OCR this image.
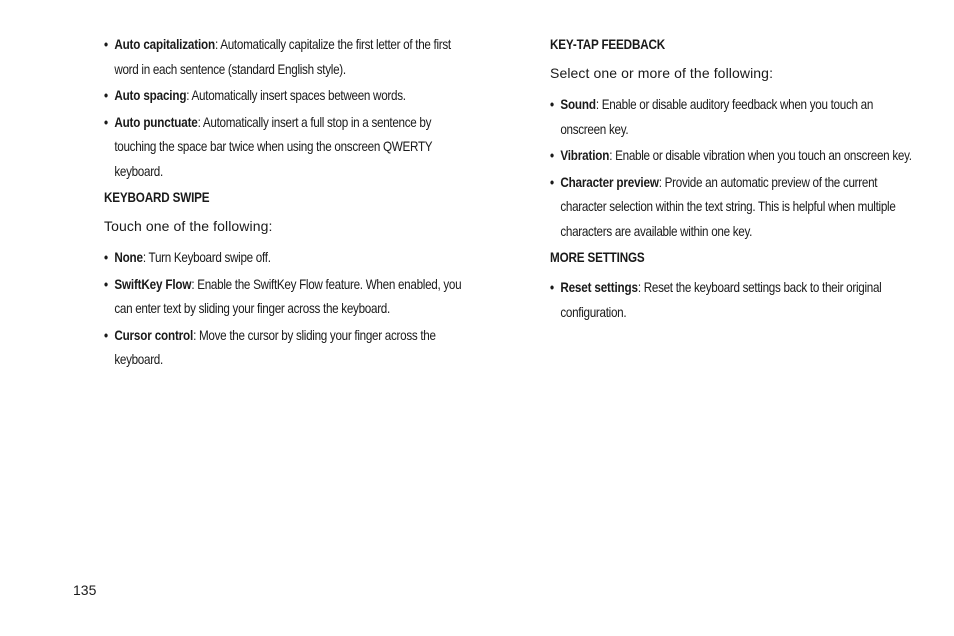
• Auto capitalization: Automatically capitalize the first letter of the first word in each sentence (standard English style).
• Auto spacing: Automatically insert spaces between words.
• Auto punctuate: Automatically insert a full stop in a sentence by touching the space bar twice when using the onscreen QWERTY keyboard.
KEYBOARD SWIPE
Touch one of the following:
• None: Turn Keyboard swipe off.
• SwiftKey Flow: Enable the SwiftKey Flow feature. When enabled, you can enter text by sliding your finger across the keyboard.
• Cursor control: Move the cursor by sliding your finger across the keyboard.
KEY-TAP FEEDBACK
Select one or more of the following:
• Sound: Enable or disable auditory feedback when you touch an onscreen key.
• Vibration: Enable or disable vibration when you touch an onscreen key.
• Character preview: Provide an automatic preview of the current character selection within the text string. This is helpful when multiple characters are available within one key.
MORE SETTINGS
• Reset settings: Reset the keyboard settings back to their original configuration.
135
